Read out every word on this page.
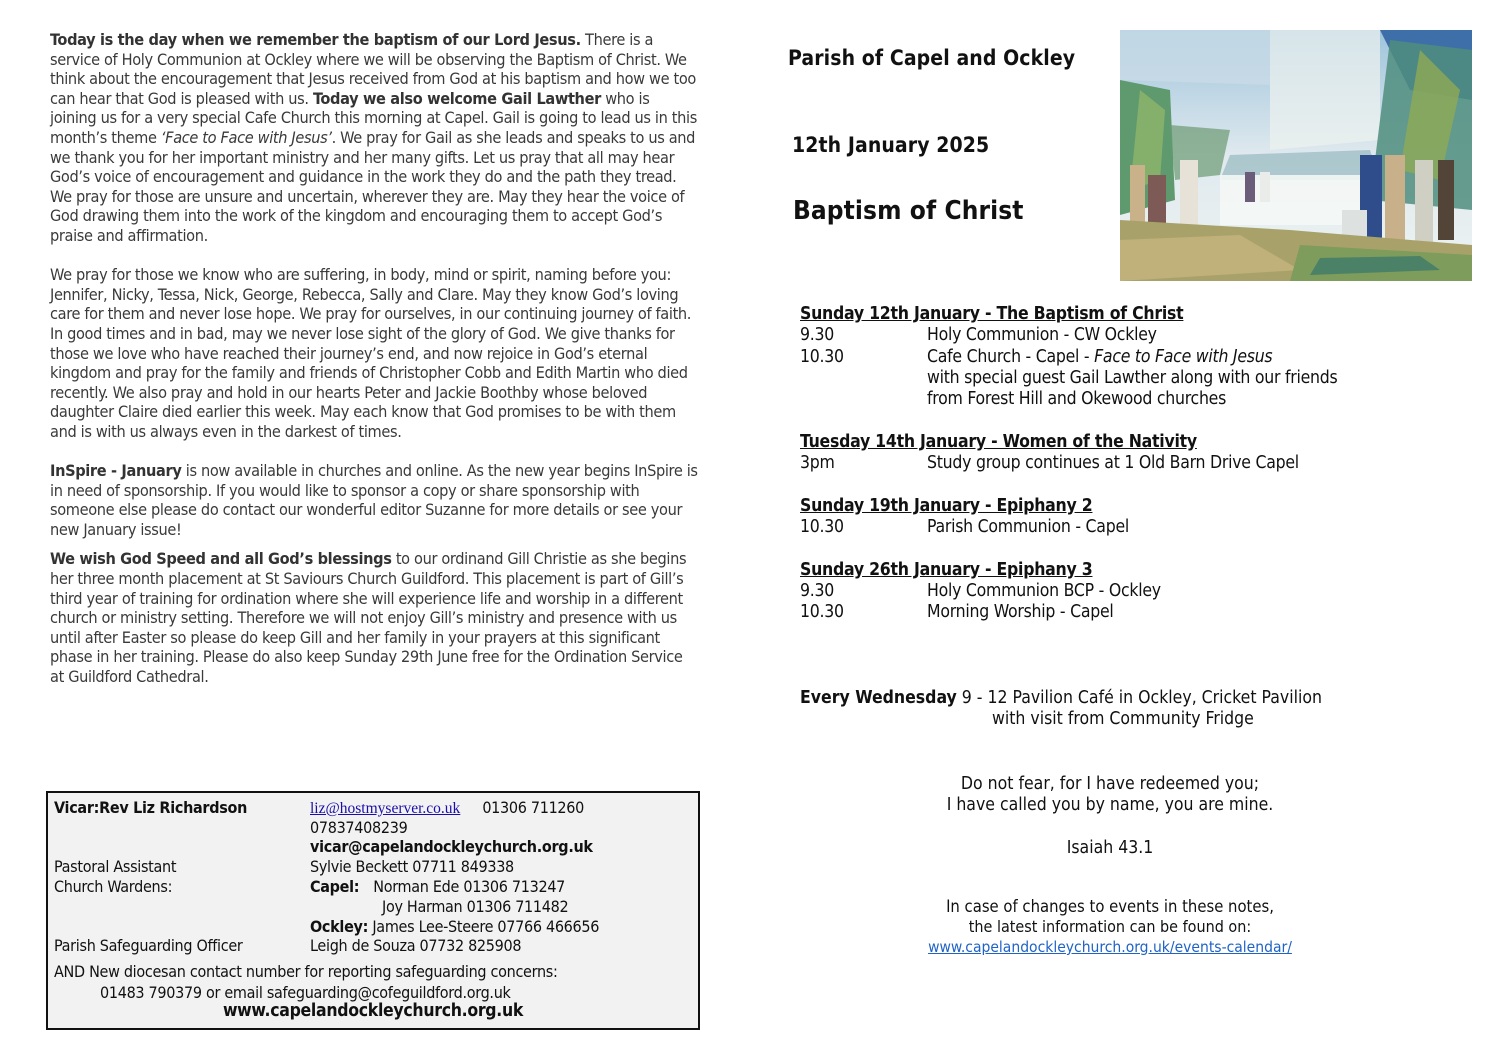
Today is the day when we remember the baptism of our Lord Jesus. There is a service of Holy Communion at Ockley where we will be observing the Baptism of Christ. We think about the encouragement that Jesus received from God at his baptism and how we too can hear that God is pleased with us. Today we also welcome Gail Lawther who is joining us for a very special Cafe Church this morning at Capel. Gail is going to lead us in this month’s theme ‘Face to Face with Jesus’. We pray for Gail as she leads and speaks to us and we thank you for her important ministry and her many gifts. Let us pray that all may hear God’s voice of encouragement and guidance in the work they do and the path they tread. We pray for those are unsure and uncertain, wherever they are. May they hear the voice of God drawing them into the work of the kingdom and encouraging them to accept God’s praise and affirmation.

We pray for those we know who are suffering, in body, mind or spirit, naming before you: Jennifer, Nicky, Tessa, Nick, George, Rebecca, Sally and Clare. May they know God’s loving care for them and never lose hope. We pray for ourselves, in our continuing journey of faith. In good times and in bad, may we never lose sight of the glory of God. We give thanks for those we love who have reached their journey’s end, and now rejoice in God’s eternal kingdom and pray for the family and friends of Christopher Cobb and Edith Martin who died recently. We also pray and hold in our hearts Peter and Jackie Boothby whose beloved daughter Claire died earlier this week. May each know that God promises to be with them and is with us always even in the darkest of times.

InSpire - January is now available in churches and online. As the new year begins InSpire is in need of sponsorship. If you would like to sponsor a copy or share sponsorship with someone else please do contact our wonderful editor Suzanne for more details or see your new January issue!

We wish God Speed and all God’s blessings to our ordinand Gill Christie as she begins her three month placement at St Saviours Church Guildford. This placement is part of Gill’s third year of training for ordination where she will experience life and worship in a different church or ministry setting. Therefore we will not enjoy Gill’s ministry and presence with us until after Easter so please do keep Gill and her family in your prayers at this significant phase in her training. Please do also keep Sunday 29th June free for the Ordination Service at Guildford Cathedral.

Vicar:Rev Liz Richardson	liz@hostmyserver.co.uk 01306 711260
07837408239
vicar@capelandockleychurch.org.uk
Pastoral Assistant	Sylvie Beckett 07711 849338
Church Wardens:	Capel: Norman Ede 01306 713247
Joy Harman 01306 711482
Ockley: James Lee-Steere 07766 466656
Parish Safeguarding Officer	Leigh de Souza 07732 825908
AND New diocesan contact number for reporting safeguarding concerns:
01483 790379 or email safeguarding@cofeguildford.org.uk
www.capelandockleychurch.org.uk
Parish of Capel and Ockley
12th January 2025
Baptism of Christ
Sunday 12th January - The Baptism of Christ
9.30	Holy Communion - CW Ockley
10.30	Cafe Church - Capel - Face to Face with Jesus
with special guest Gail Lawther along with our friends
from Forest Hill and Okewood churches
Tuesday 14th January - Women of the Nativity
3pm	Study group continues at 1 Old Barn Drive Capel
Sunday 19th January - Epiphany 2
10.30	Parish Communion - Capel
Sunday 26th January - Epiphany 3
9.30	Holy Communion BCP - Ockley
10.30	Morning Worship - Capel
Every Wednesday 9 - 12 Pavilion Café in Ockley, Cricket Pavilion
with visit from Community Fridge
Do not fear, for I have redeemed you;
I have called you by name, you are mine.
Isaiah 43.1
In case of changes to events in these notes,
the latest information can be found on:
www.capelandockleychurch.org.uk/events-calendar/
